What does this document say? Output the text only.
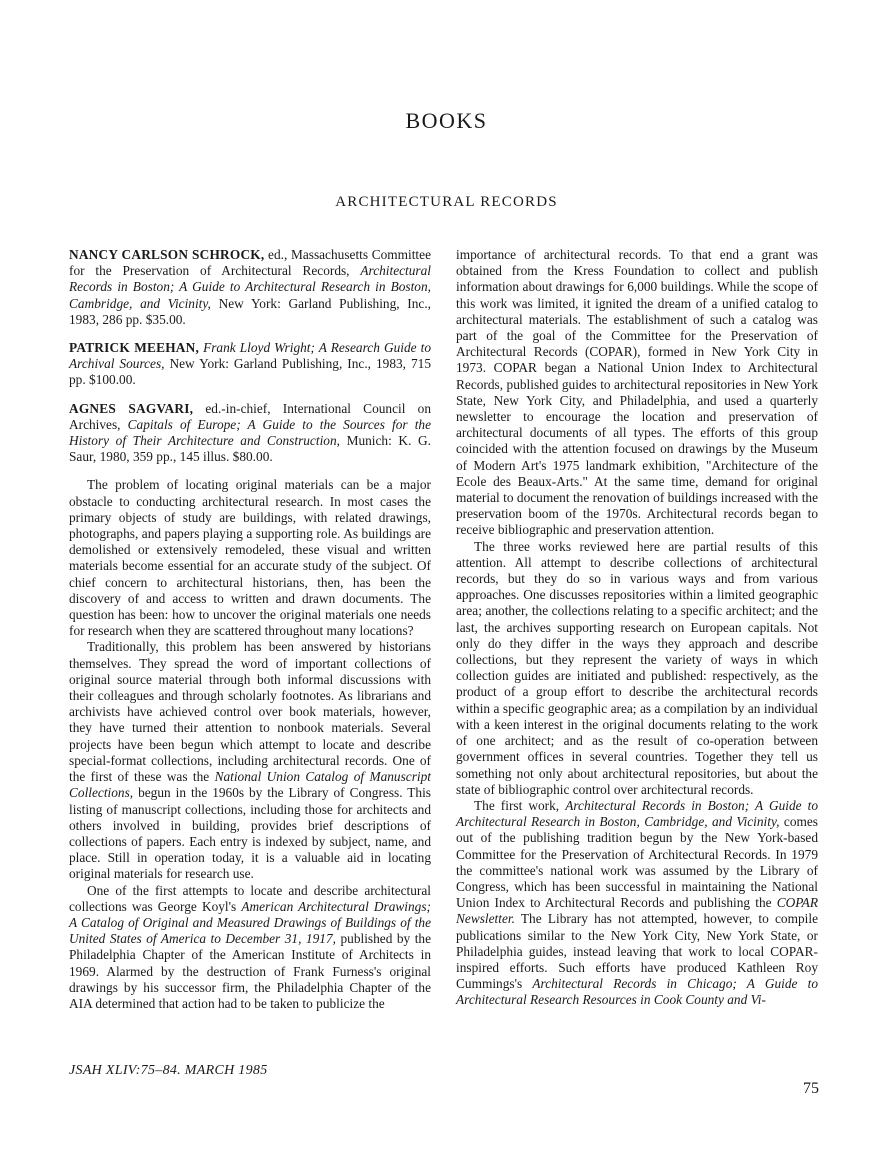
BOOKS
ARCHITECTURAL RECORDS

NANCY CARLSON SCHROCK, ed., Massachusetts Committee for the Preservation of Architectural Records, Architectural Records in Boston; A Guide to Architectural Research in Boston, Cambridge, and Vicinity, New York: Garland Publishing, Inc., 1983, 286 pp. $35.00.

PATRICK MEEHAN, Frank Lloyd Wright; A Research Guide to Archival Sources, New York: Garland Publishing, Inc., 1983, 715 pp. $100.00.

AGNES SAGVARI, ed.-in-chief, International Council on Archives, Capitals of Europe; A Guide to the Sources for the History of Their Architecture and Construction, Munich: K. G. Saur, 1980, 359 pp., 145 illus. $80.00.

The problem of locating original materials can be a major obstacle to conducting architectural research. In most cases the primary objects of study are buildings, with related drawings, photographs, and papers playing a supporting role. As buildings are demolished or extensively remodeled, these visual and written materials become essential for an accurate study of the subject. Of chief concern to architectural historians, then, has been the discovery of and access to written and drawn documents. The question has been: how to uncover the original materials one needs for research when they are scattered throughout many locations?

Traditionally, this problem has been answered by historians themselves. They spread the word of important collections of original source material through both informal discussions with their colleagues and through scholarly footnotes. As librarians and archivists have achieved control over book materials, however, they have turned their attention to nonbook materials. Several projects have been begun which attempt to locate and describe special-format collections, including architectural records. One of the first of these was the National Union Catalog of Manuscript Collections, begun in the 1960s by the Library of Congress. This listing of manuscript collections, including those for architects and others involved in building, provides brief descriptions of collections of papers. Each entry is indexed by subject, name, and place. Still in operation today, it is a valuable aid in locating original materials for research use.

One of the first attempts to locate and describe architectural collections was George Koyl's American Architectural Drawings; A Catalog of Original and Measured Drawings of Buildings of the United States of America to December 31, 1917, published by the Philadelphia Chapter of the American Institute of Architects in 1969. Alarmed by the destruction of Frank Furness's original drawings by his successor firm, the Philadelphia Chapter of the AIA determined that action had to be taken to publicize the

importance of architectural records. To that end a grant was obtained from the Kress Foundation to collect and publish information about drawings for 6,000 buildings. While the scope of this work was limited, it ignited the dream of a unified catalog to architectural materials. The establishment of such a catalog was part of the goal of the Committee for the Preservation of Architectural Records (COPAR), formed in New York City in 1973. COPAR began a National Union Index to Architectural Records, published guides to architectural repositories in New York State, New York City, and Philadelphia, and used a quarterly newsletter to encourage the location and preservation of architectural documents of all types. The efforts of this group coincided with the attention focused on drawings by the Museum of Modern Art's 1975 landmark exhibition, "Architecture of the Ecole des Beaux-Arts." At the same time, demand for original material to document the renovation of buildings increased with the preservation boom of the 1970s. Architectural records began to receive bibliographic and preservation attention.

The three works reviewed here are partial results of this attention. All attempt to describe collections of architectural records, but they do so in various ways and from various approaches. One discusses repositories within a limited geographic area; another, the collections relating to a specific architect; and the last, the archives supporting research on European capitals. Not only do they differ in the ways they approach and describe collections, but they represent the variety of ways in which collection guides are initiated and published: respectively, as the product of a group effort to describe the architectural records within a specific geographic area; as a compilation by an individual with a keen interest in the original documents relating to the work of one architect; and as the result of co-operation between government offices in several countries. Together they tell us something not only about architectural repositories, but about the state of bibliographic control over architectural records.

The first work, Architectural Records in Boston; A Guide to Architectural Research in Boston, Cambridge, and Vicinity, comes out of the publishing tradition begun by the New York-based Committee for the Preservation of Architectural Records. In 1979 the committee's national work was assumed by the Library of Congress, which has been successful in maintaining the National Union Index to Architectural Records and publishing the COPAR Newsletter. The Library has not attempted, however, to compile publications similar to the New York City, New York State, or Philadelphia guides, instead leaving that work to local COPAR-inspired efforts. Such efforts have produced Kathleen Roy Cummings's Architectural Records in Chicago; A Guide to Architectural Research Resources in Cook County and Vi-

JSAH XLIV:75–84. MARCH 1985
75
